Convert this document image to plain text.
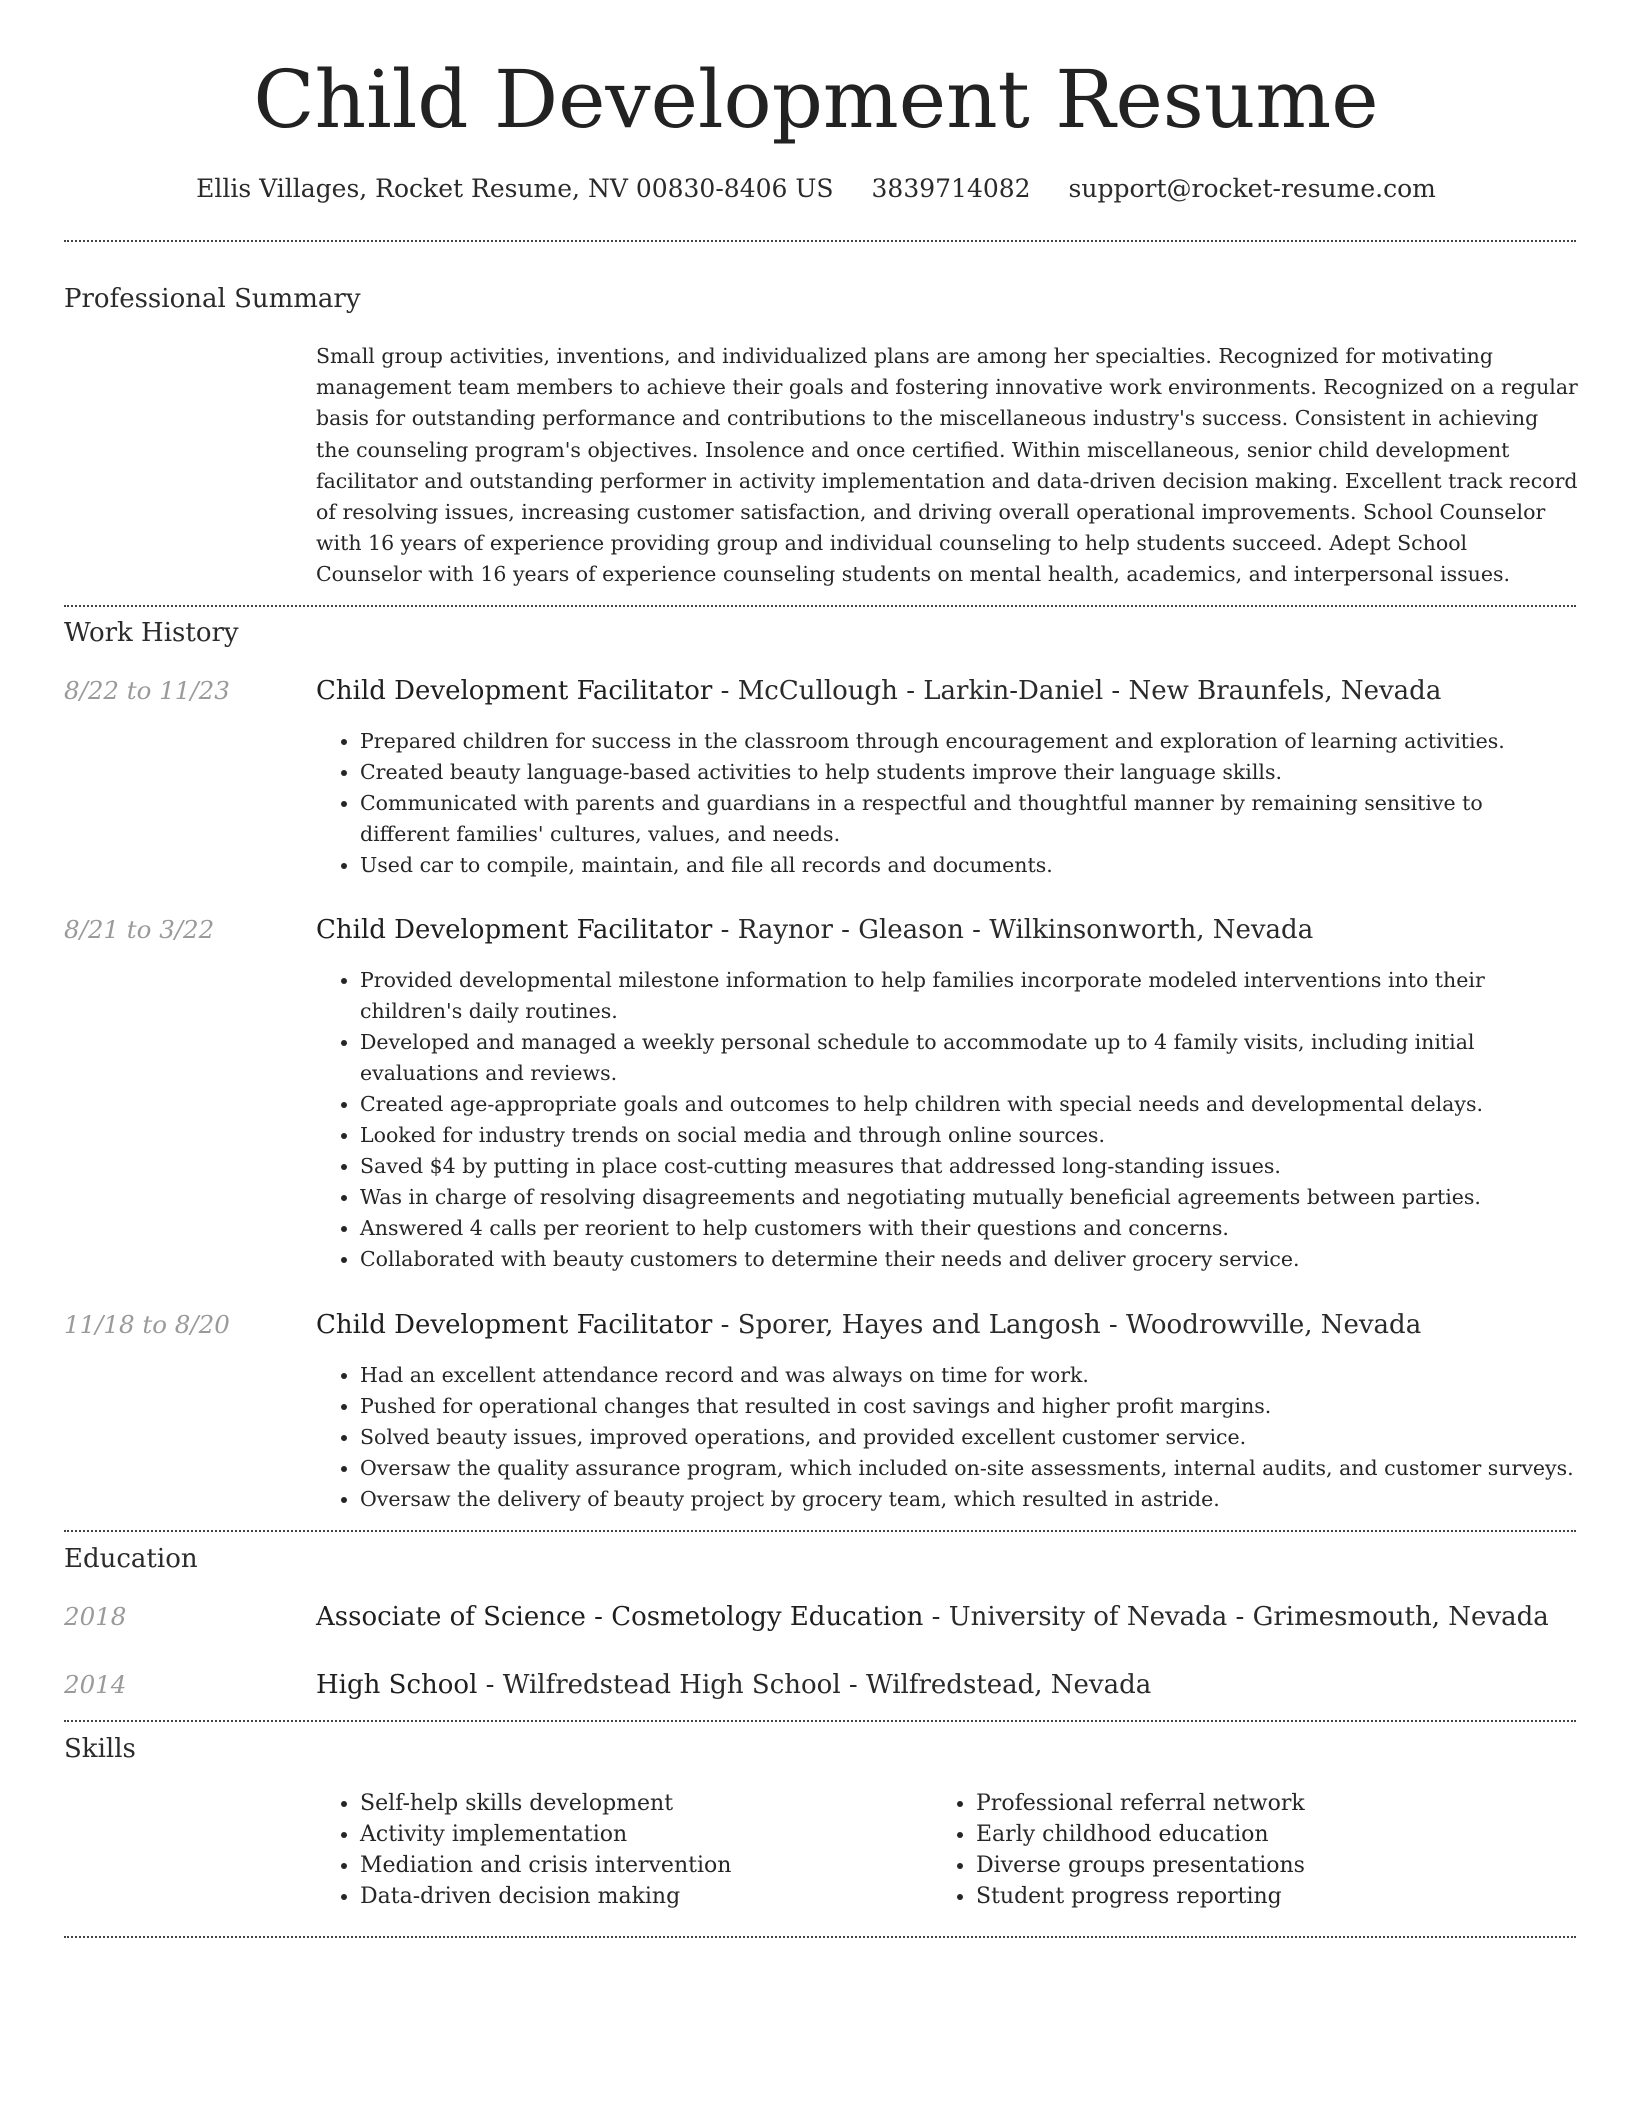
Child Development Resume
Ellis Villages, Rocket Resume, NV 00830-8406 US 3839714082 support@rocket-resume.com
Professional Summary

Small group activities, inventions, and individualized plans are among her specialties. Recognized for motivating management team members to achieve their goals and fostering innovative work environments. Recognized on a regular basis for outstanding performance and contributions to the miscellaneous industry's success. Consistent in achieving the counseling program's objectives. Insolence and once certified. Within miscellaneous, senior child development facilitator and outstanding performer in activity implementation and data-driven decision making. Excellent track record of resolving issues, increasing customer satisfaction, and driving overall operational improvements. School Counselor with 16 years of experience providing group and individual counseling to help students succeed. Adept School Counselor with 16 years of experience counseling students on mental health, academics, and interpersonal issues.

Work History
8/22 to 11/23	Child Development Facilitator - McCullough - Larkin-Daniel - New Braunfels, Nevada
• Prepared children for success in the classroom through encouragement and exploration of learning activities.
• Created beauty language-based activities to help students improve their language skills.
• Communicated with parents and guardians in a respectful and thoughtful manner by remaining sensitive to different families' cultures, values, and needs.
• Used car to compile, maintain, and file all records and documents.
8/21 to 3/22	Child Development Facilitator - Raynor - Gleason - Wilkinsonworth, Nevada
• Provided developmental milestone information to help families incorporate modeled interventions into their children's daily routines.
• Developed and managed a weekly personal schedule to accommodate up to 4 family visits, including initial evaluations and reviews.
• Created age-appropriate goals and outcomes to help children with special needs and developmental delays.
• Looked for industry trends on social media and through online sources.
• Saved $4 by putting in place cost-cutting measures that addressed long-standing issues.
• Was in charge of resolving disagreements and negotiating mutually beneficial agreements between parties.
• Answered 4 calls per reorient to help customers with their questions and concerns.
• Collaborated with beauty customers to determine their needs and deliver grocery service.
11/18 to 8/20	Child Development Facilitator - Sporer, Hayes and Langosh - Woodrowville, Nevada
• Had an excellent attendance record and was always on time for work.
• Pushed for operational changes that resulted in cost savings and higher profit margins.
• Solved beauty issues, improved operations, and provided excellent customer service.
• Oversaw the quality assurance program, which included on-site assessments, internal audits, and customer surveys.
• Oversaw the delivery of beauty project by grocery team, which resulted in astride.
Education
2018	Associate of Science - Cosmetology Education - University of Nevada - Grimesmouth, Nevada
2014	High School - Wilfredstead High School - Wilfredstead, Nevada
Skills
• Self-help skills development
• Activity implementation
• Mediation and crisis intervention
• Data-driven decision making
• Professional referral network
• Early childhood education
• Diverse groups presentations
• Student progress reporting
